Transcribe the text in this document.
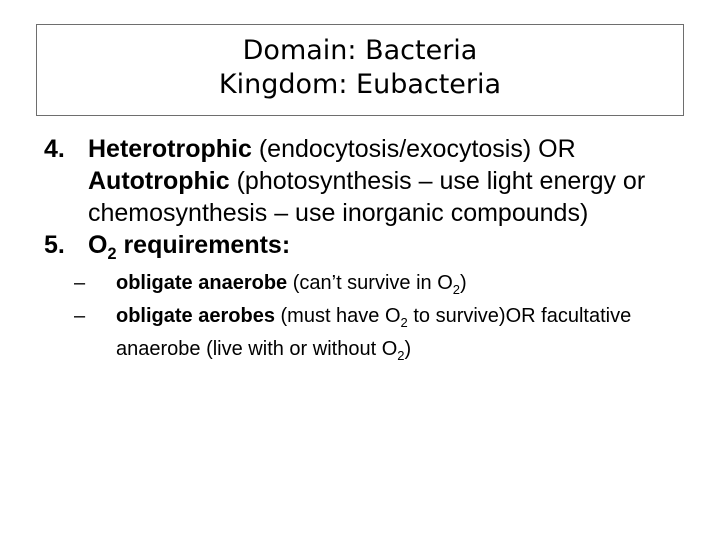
Domain: Bacteria
Kingdom: Eubacteria
4. Heterotrophic (endocytosis/exocytosis) OR Autotrophic (photosynthesis – use light energy or chemosynthesis – use inorganic compounds)
5. $O_2$ requirements:
– obligate anaerobe (can’t survive in $O_2$)
– obligate aerobes (must have $O_2$ to survive)OR facultative anaerobe (live with or without $O_2$)
